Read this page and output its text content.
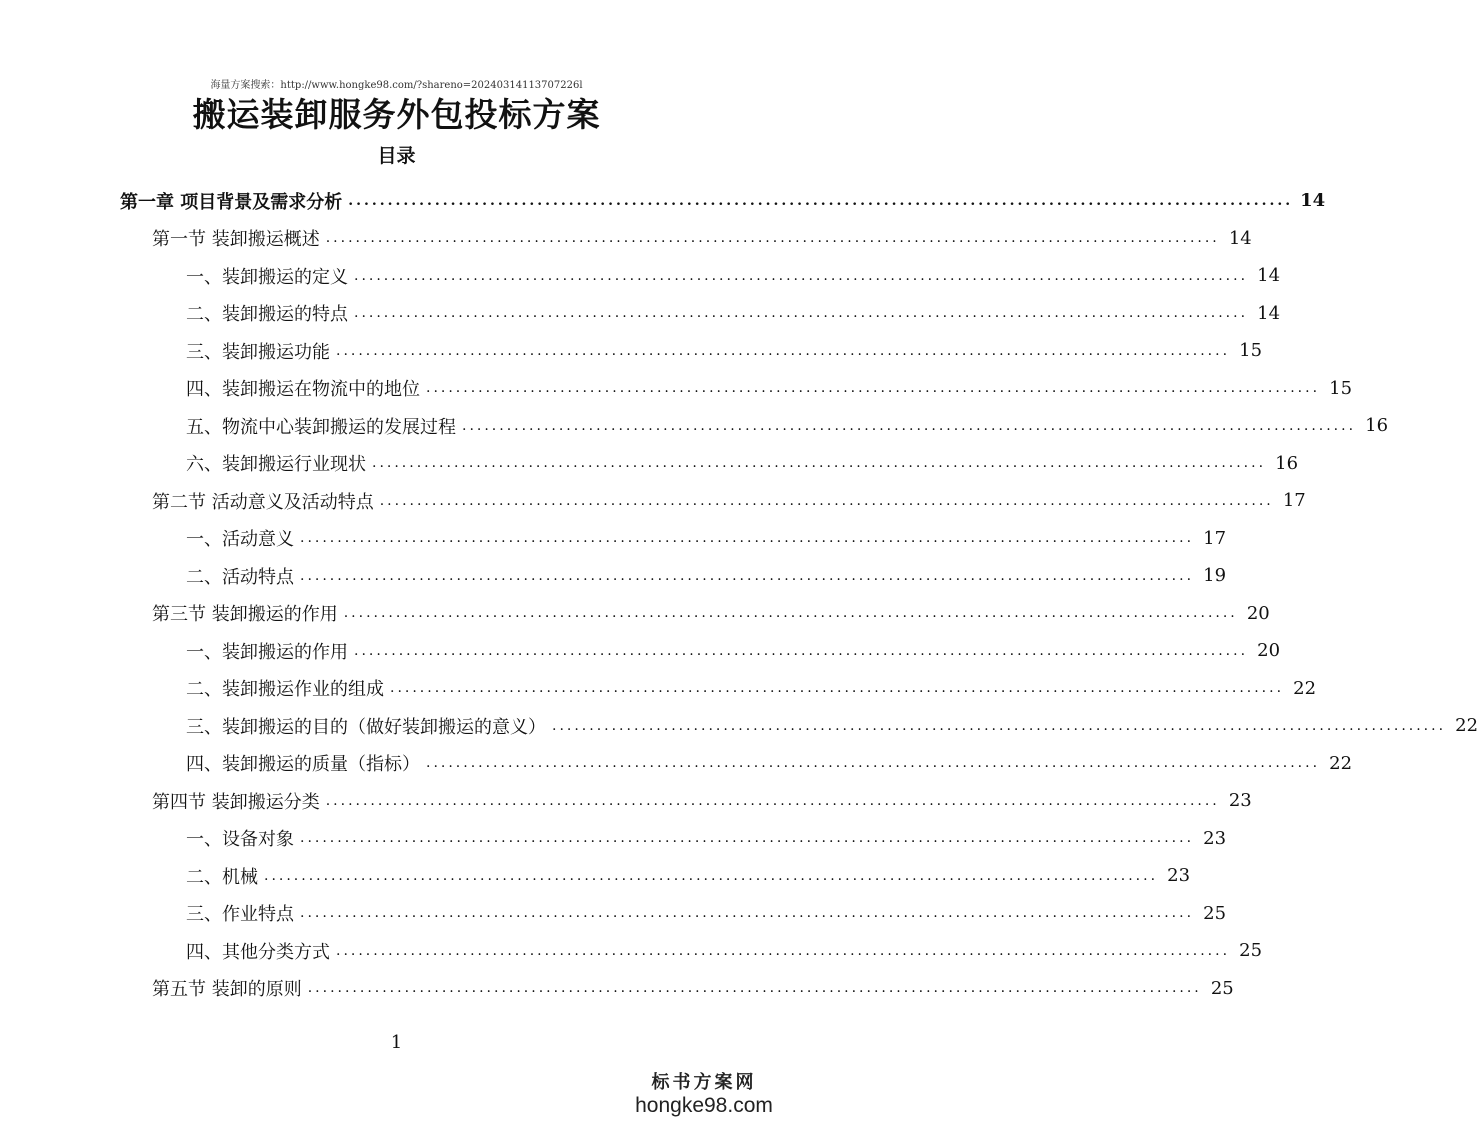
海量方案搜索：http://www.hongke98.com/?shareno=20240314113707226l
搬运装卸服务外包投标方案
目录
第一章 项目背景及需求分析 ........................................................................................................................ 14
第一节 装卸搬运概述 ........................................................................................................................ 14
一、装卸搬运的定义 ........................................................................................................................ 14
二、装卸搬运的特点 ........................................................................................................................ 14
三、装卸搬运功能 ........................................................................................................................ 15
四、装卸搬运在物流中的地位 ........................................................................................................................ 15
五、物流中心装卸搬运的发展过程 ........................................................................................................................ 16
六、装卸搬运行业现状 ........................................................................................................................ 16
第二节 活动意义及活动特点 ........................................................................................................................ 17
一、活动意义 ........................................................................................................................ 17
二、活动特点 ........................................................................................................................ 19
第三节 装卸搬运的作用 ........................................................................................................................ 20
一、装卸搬运的作用 ........................................................................................................................ 20
二、装卸搬运作业的组成 ........................................................................................................................ 22
三、装卸搬运的目的（做好装卸搬运的意义） ........................................................................................................................ 22
四、装卸搬运的质量（指标） ........................................................................................................................ 22
第四节 装卸搬运分类 ........................................................................................................................ 23
一、设备对象 ........................................................................................................................ 23
二、机械 ........................................................................................................................ 23
三、作业特点 ........................................................................................................................ 25
四、其他分类方式 ........................................................................................................................ 25
第五节 装卸的原则 ........................................................................................................................ 25
1
标书方案网
hongke98.com
